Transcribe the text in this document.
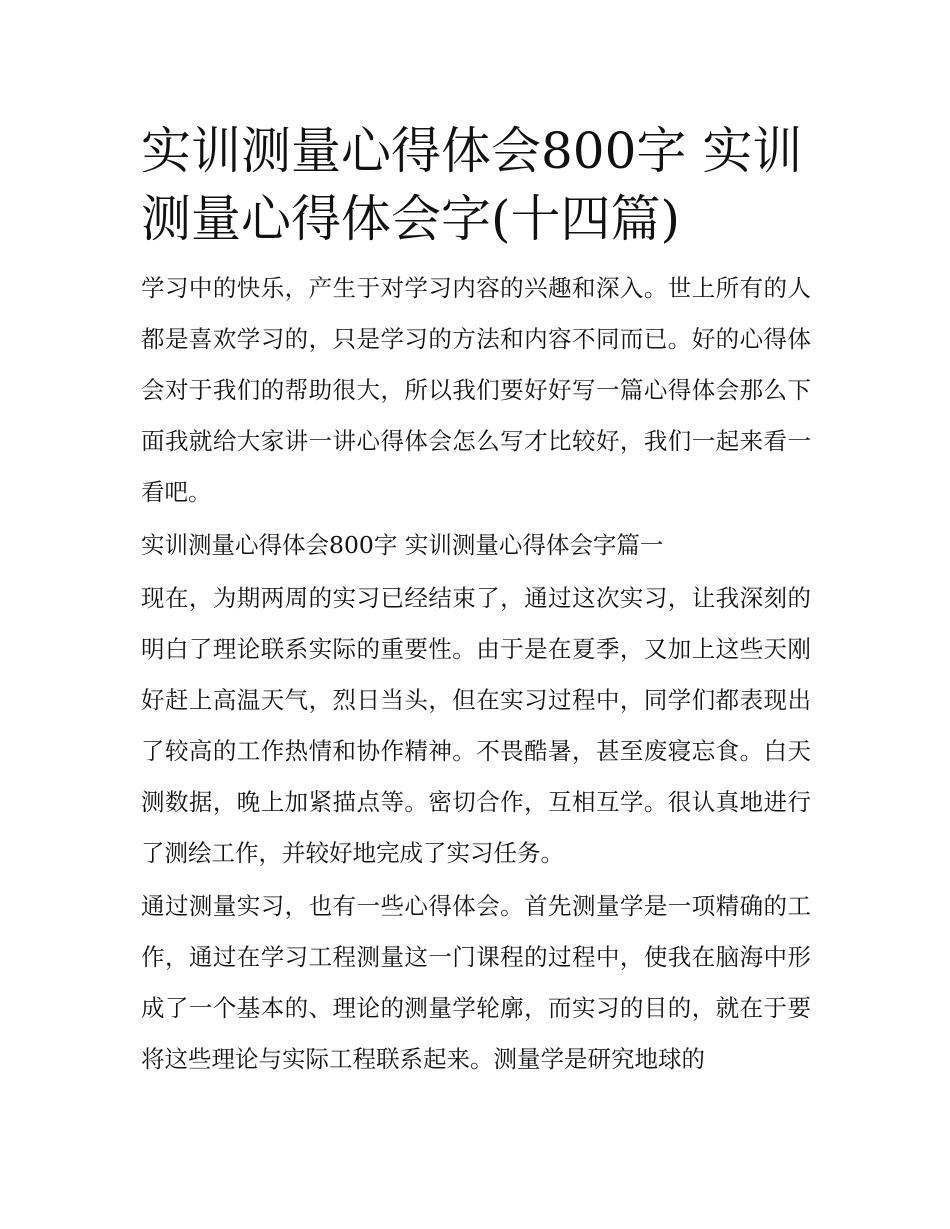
实训测量心得体会800字 实训测量心得体会字(十四篇)

学习中的快乐，产生于对学习内容的兴趣和深入。世上所有的人都是喜欢学习的，只是学习的方法和内容不同而已。好的心得体会对于我们的帮助很大，所以我们要好好写一篇心得体会那么下面我就给大家讲一讲心得体会怎么写才比较好，我们一起来看一看吧。

实训测量心得体会800字 实训测量心得体会字篇一

现在，为期两周的实习已经结束了，通过这次实习，让我深刻的明白了理论联系实际的重要性。由于是在夏季，又加上这些天刚好赶上高温天气，烈日当头，但在实习过程中，同学们都表现出了较高的工作热情和协作精神。不畏酷暑，甚至废寝忘食。白天测数据，晚上加紧描点等。密切合作，互相互学。很认真地进行了测绘工作，并较好地完成了实习任务。

通过测量实习，也有一些心得体会。首先测量学是一项精确的工作，通过在学习工程测量这一门课程的过程中，使我在脑海中形成了一个基本的、理论的测量学轮廓，而实习的目的，就在于要将这些理论与实际工程联系起来。测量学是研究地球的
